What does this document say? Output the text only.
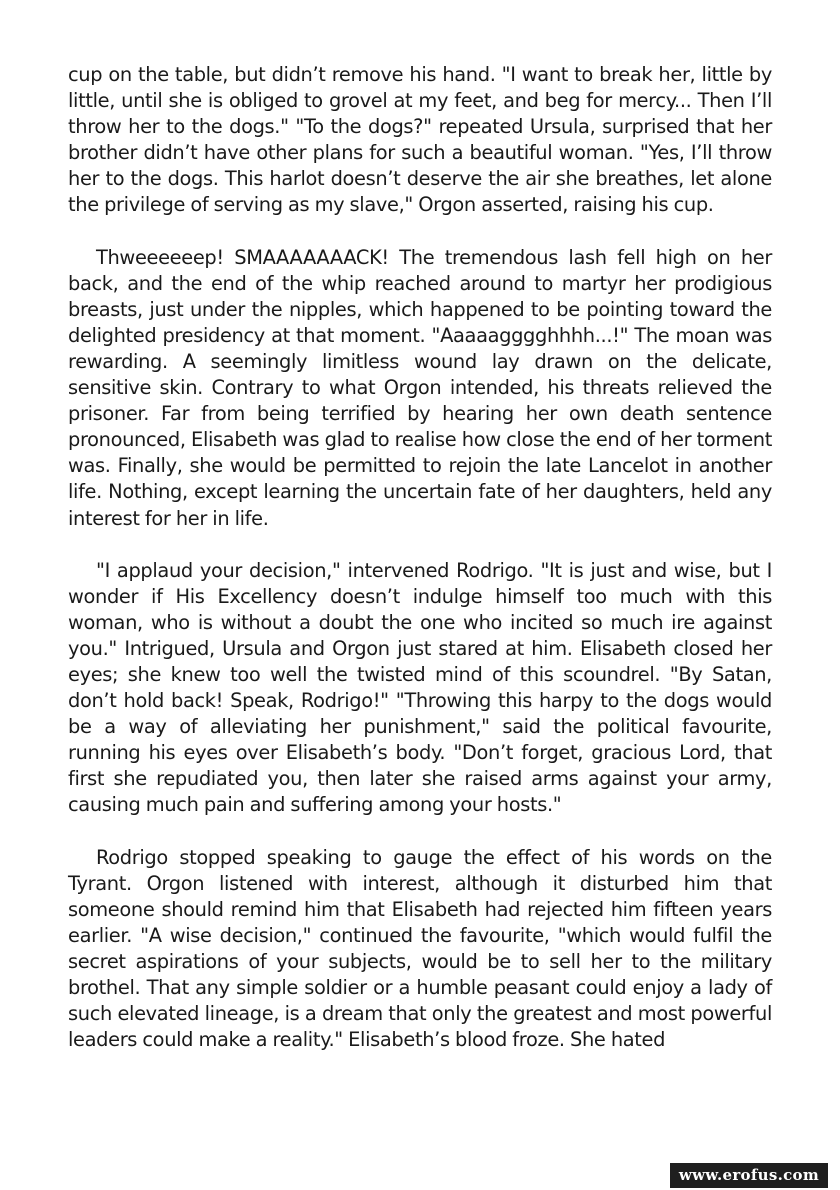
cup on the table, but didn’t remove his hand. "I want to break her, little by little, until she is obliged to grovel at my feet, and beg for mercy... Then I’ll throw her to the dogs." "To the dogs?" repeated Ursula, surprised that her brother didn’t have other plans for such a beautiful woman. "Yes, I’ll throw her to the dogs. This harlot doesn’t deserve the air she breathes, let alone the privilege of serving as my slave," Orgon asserted, raising his cup.

Thweeeeeep! SMAAAAAAACK! The tremendous lash fell high on her back, and the end of the whip reached around to martyr her prodigious breasts, just under the nipples, which happened to be pointing toward the delighted presidency at that moment. "Aaaaagggghhhh...!" The moan was rewarding. A seemingly limitless wound lay drawn on the delicate, sensitive skin. Contrary to what Orgon intended, his threats relieved the prisoner. Far from being terrified by hearing her own death sentence pronounced, Elisabeth was glad to realise how close the end of her torment was. Finally, she would be permitted to rejoin the late Lancelot in another life. Nothing, except learning the uncertain fate of her daughters, held any interest for her in life.

"I applaud your decision," intervened Rodrigo. "It is just and wise, but I wonder if His Excellency doesn’t indulge himself too much with this woman, who is without a doubt the one who incited so much ire against you." Intrigued, Ursula and Orgon just stared at him. Elisabeth closed her eyes; she knew too well the twisted mind of this scoundrel. "By Satan, don’t hold back! Speak, Rodrigo!" "Throwing this harpy to the dogs would be a way of alleviating her punishment," said the political favourite, running his eyes over Elisabeth’s body. "Don’t forget, gracious Lord, that first she repudiated you, then later she raised arms against your army, causing much pain and suffering among your hosts."

Rodrigo stopped speaking to gauge the effect of his words on the Tyrant. Orgon listened with interest, although it disturbed him that someone should remind him that Elisabeth had rejected him fifteen years earlier. "A wise decision," continued the favourite, "which would fulfil the secret aspirations of your subjects, would be to sell her to the military brothel. That any simple soldier or a humble peasant could enjoy a lady of such elevated lineage, is a dream that only the greatest and most powerful leaders could make a reality." Elisabeth’s blood froze. She hated

www.erofus.com
